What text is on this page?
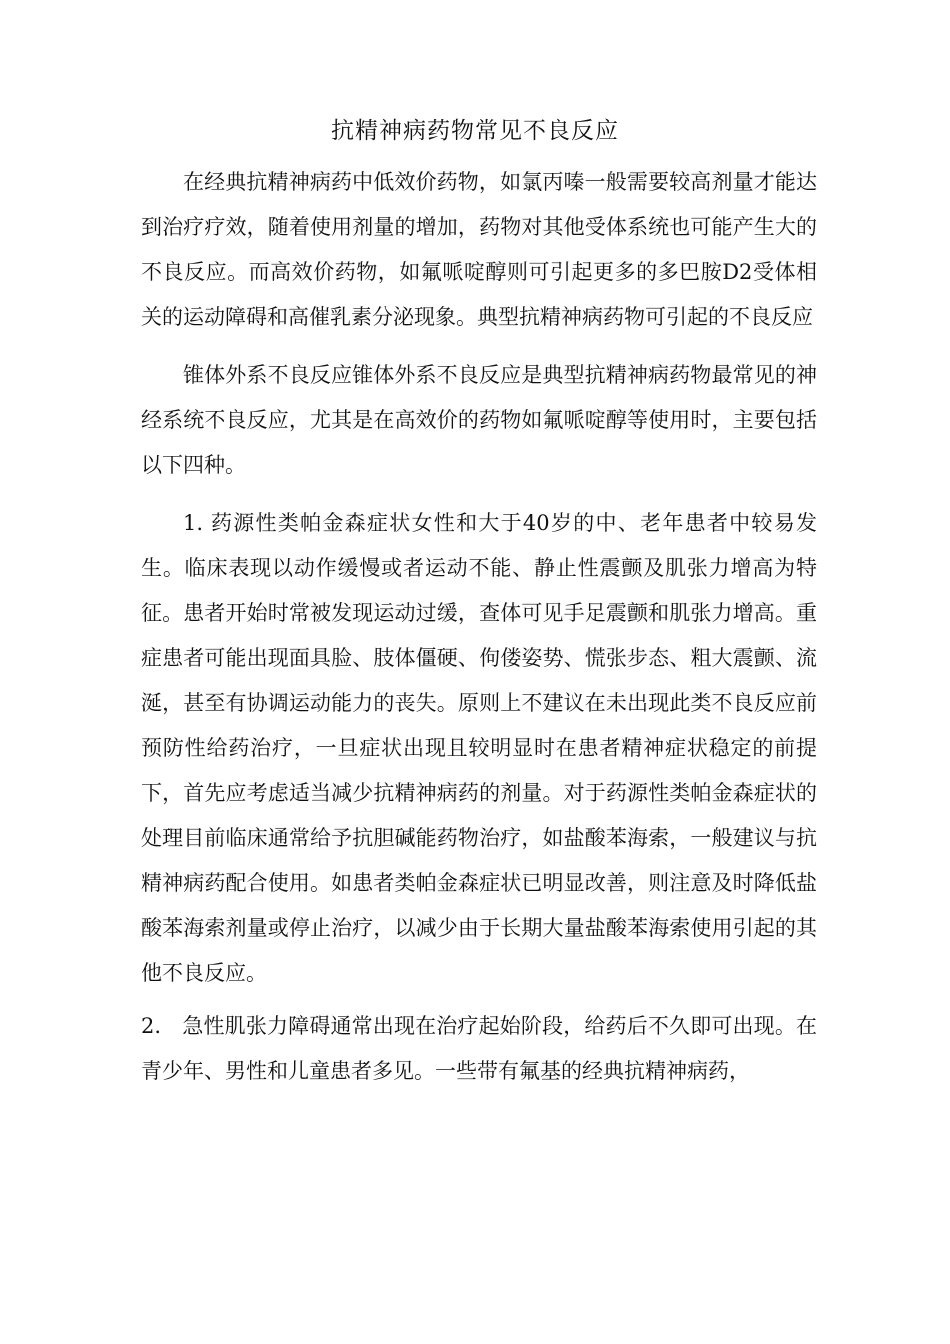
抗精神病药物常见不良反应

在经典抗精神病药中低效价药物，如氯丙嗪一般需要较高剂量才能达到治疗疗效，随着使用剂量的增加，药物对其他受体系统也可能产生大的不良反应。而高效价药物，如氟哌啶醇则可引起更多的多巴胺D2受体相关的运动障碍和高催乳素分泌现象。典型抗精神病药物可引起的不良反应

锥体外系不良反应锥体外系不良反应是典型抗精神病药物最常见的神经系统不良反应，尤其是在高效价的药物如氟哌啶醇等使用时，主要包括以下四种。

1. 药源性类帕金森症状女性和大于40岁的中、老年患者中较易发生。临床表现以动作缓慢或者运动不能、静止性震颤及肌张力增高为特征。患者开始时常被发现运动过缓，查体可见手足震颤和肌张力增高。重症患者可能出现面具脸、肢体僵硬、佝偻姿势、慌张步态、粗大震颤、流涎，甚至有协调运动能力的丧失。原则上不建议在未出现此类不良反应前预防性给药治疗，一旦症状出现且较明显时在患者精神症状稳定的前提下，首先应考虑适当减少抗精神病药的剂量。对于药源性类帕金森症状的处理目前临床通常给予抗胆碱能药物治疗，如盐酸苯海索，一般建议与抗精神病药配合使用。如患者类帕金森症状已明显改善，则注意及时降低盐酸苯海索剂量或停止治疗，以减少由于长期大量盐酸苯海索使用引起的其他不良反应。

2.　急性肌张力障碍通常出现在治疗起始阶段，给药后不久即可出现。在青少年、男性和儿童患者多见。一些带有氟基的经典抗精神病药，
